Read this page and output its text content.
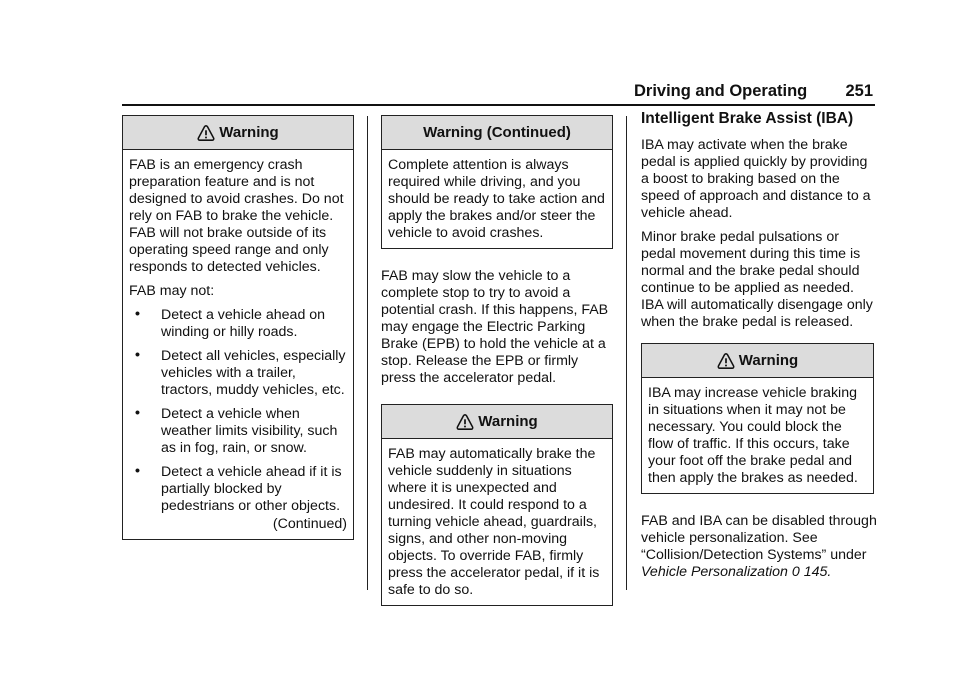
Driving and Operating 251
Warning

FAB is an emergency crash preparation feature and is not designed to avoid crashes. Do not rely on FAB to brake the vehicle. FAB will not brake outside of its operating speed range and only responds to detected vehicles.

FAB may not:

• Detect a vehicle ahead on winding or hilly roads.
• Detect all vehicles, especially vehicles with a trailer, tractors, muddy vehicles, etc.
• Detect a vehicle when weather limits visibility, such as in fog, rain, or snow.
• Detect a vehicle ahead if it is partially blocked by pedestrians or other objects.
(Continued)
Warning (Continued)

Complete attention is always required while driving, and you should be ready to take action and apply the brakes and/or steer the vehicle to avoid crashes.

FAB may slow the vehicle to a complete stop to try to avoid a potential crash. If this happens, FAB may engage the Electric Parking Brake (EPB) to hold the vehicle at a stop. Release the EPB or firmly press the accelerator pedal.

Warning

FAB may automatically brake the vehicle suddenly in situations where it is unexpected and undesired. It could respond to a turning vehicle ahead, guardrails, signs, and other non-moving objects. To override FAB, firmly press the accelerator pedal, if it is safe to do so.

Intelligent Brake Assist (IBA)

IBA may activate when the brake pedal is applied quickly by providing a boost to braking based on the speed of approach and distance to a vehicle ahead.

Minor brake pedal pulsations or pedal movement during this time is normal and the brake pedal should continue to be applied as needed. IBA will automatically disengage only when the brake pedal is released.

Warning

IBA may increase vehicle braking in situations when it may not be necessary. You could block the flow of traffic. If this occurs, take your foot off the brake pedal and then apply the brakes as needed.

FAB and IBA can be disabled through vehicle personalization. See “Collision/Detection Systems” under Vehicle Personalization 0 145.
